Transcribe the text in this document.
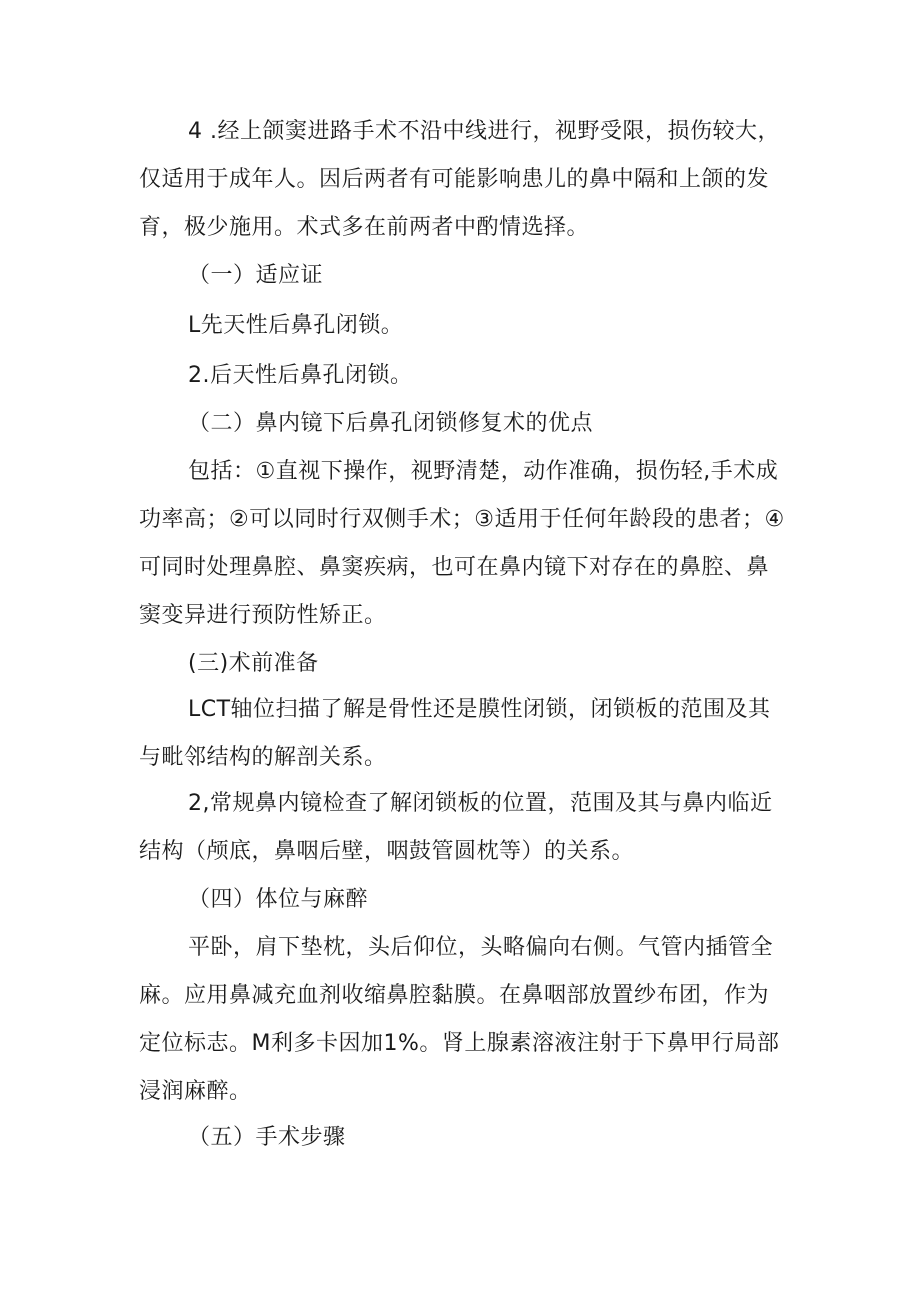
4 .经上颌窦进路手术不沿中线进行，视野受限，损伤较大，仅适用于成年人。因后两者有可能影响患儿的鼻中隔和上颌的发育，极少施用。术式多在前两者中酌情选择。

（一）适应证

L先天性后鼻孔闭锁。

2.后天性后鼻孔闭锁。

（二）鼻内镜下后鼻孔闭锁修复术的优点

包括：①直视下操作，视野清楚，动作准确，损伤轻,手术成功率高；②可以同时行双侧手术；③适用于任何年龄段的患者；④可同时处理鼻腔、鼻窦疾病，也可在鼻内镜下对存在的鼻腔、鼻窦变异进行预防性矫正。

(三)术前准备

LCT轴位扫描了解是骨性还是膜性闭锁，闭锁板的范围及其与毗邻结构的解剖关系。

2,常规鼻内镜检查了解闭锁板的位置，范围及其与鼻内临近结构（颅底，鼻咽后壁，咽鼓管圆枕等）的关系。

（四）体位与麻醉

平卧，肩下垫枕，头后仰位，头略偏向右侧。气管内插管全麻。应用鼻减充血剂收缩鼻腔黏膜。在鼻咽部放置纱布团，作为定位标志。M利多卡因加1%。肾上腺素溶液注射于下鼻甲行局部浸润麻醉。

（五）手术步骤
